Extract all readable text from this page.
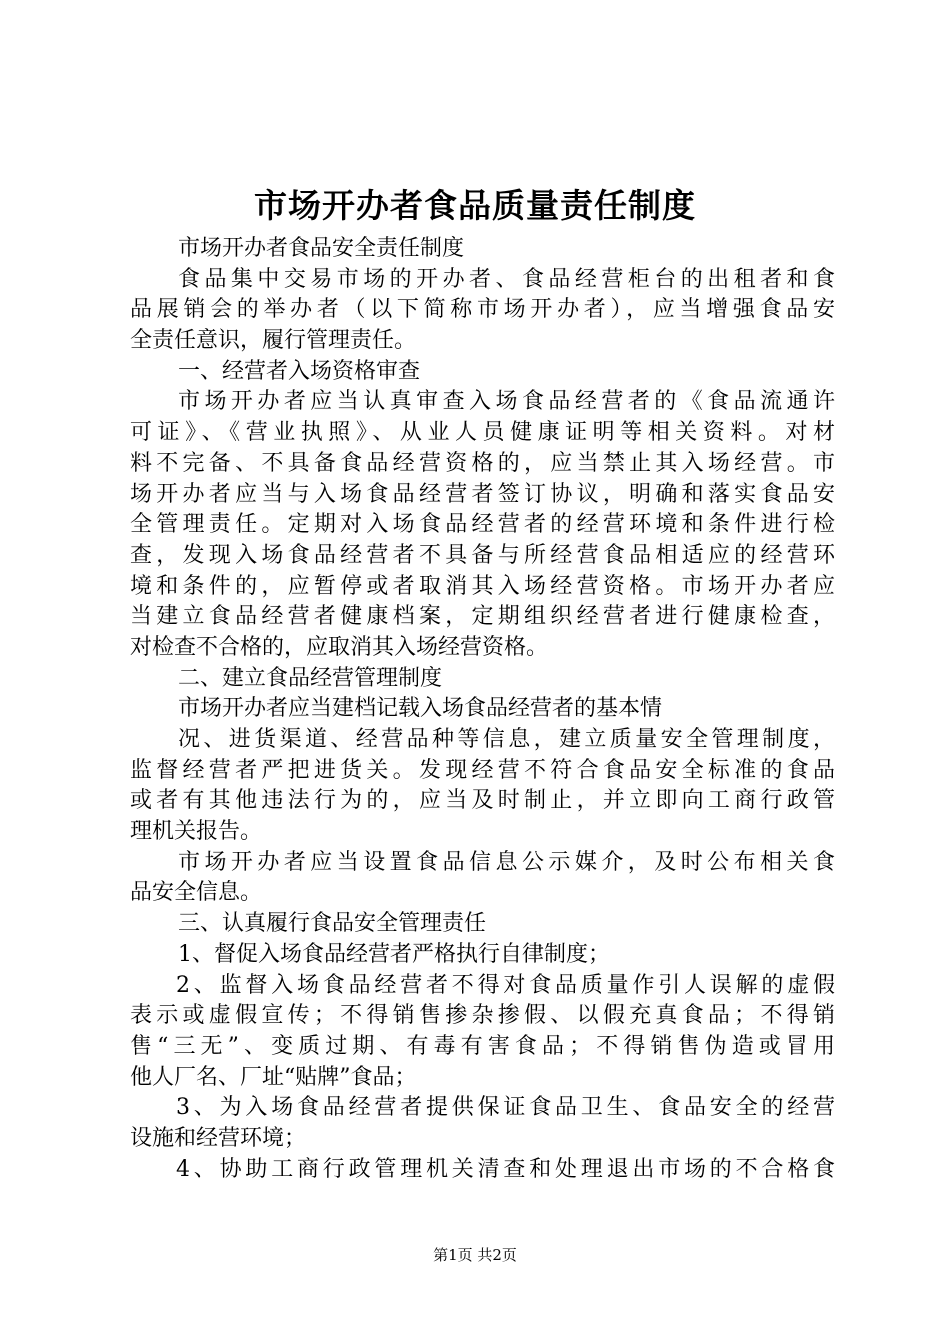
市场开办者食品质量责任制度
市场开办者食品安全责任制度
食品集中交易市场的开办者、食品经营柜台的出租者和食
品展销会的举办者（以下简称市场开办者），应当增强食品安
全责任意识，履行管理责任。
一、经营者入场资格审查
市场开办者应当认真审查入场食品经营者的《食品流通许
可证》、《营业执照》、从业人员健康证明等相关资料。对材
料不完备、不具备食品经营资格的，应当禁止其入场经营。市
场开办者应当与入场食品经营者签订协议，明确和落实食品安
全管理责任。定期对入场食品经营者的经营环境和条件进行检
查，发现入场食品经营者不具备与所经营食品相适应的经营环
境和条件的，应暂停或者取消其入场经营资格。市场开办者应
当建立食品经营者健康档案，定期组织经营者进行健康检查，
对检查不合格的，应取消其入场经营资格。
二、建立食品经营管理制度
市场开办者应当建档记载入场食品经营者的基本情
况、进货渠道、经营品种等信息，建立质量安全管理制度，
监督经营者严把进货关。发现经营不符合食品安全标准的食品
或者有其他违法行为的，应当及时制止，并立即向工商行政管
理机关报告。
市场开办者应当设置食品信息公示媒介，及时公布相关食
品安全信息。
三、认真履行食品安全管理责任
1、督促入场食品经营者严格执行自律制度；
2、监督入场食品经营者不得对食品质量作引人误解的虚假
表示或虚假宣传；不得销售掺杂掺假、以假充真食品；不得销
售“三无”、变质过期、有毒有害食品；不得销售伪造或冒用
他人厂名、厂址“贴牌”食品；
3、为入场食品经营者提供保证食品卫生、食品安全的经营
设施和经营环境；
4、协助工商行政管理机关清查和处理退出市场的不合格食
第1页 共2页
